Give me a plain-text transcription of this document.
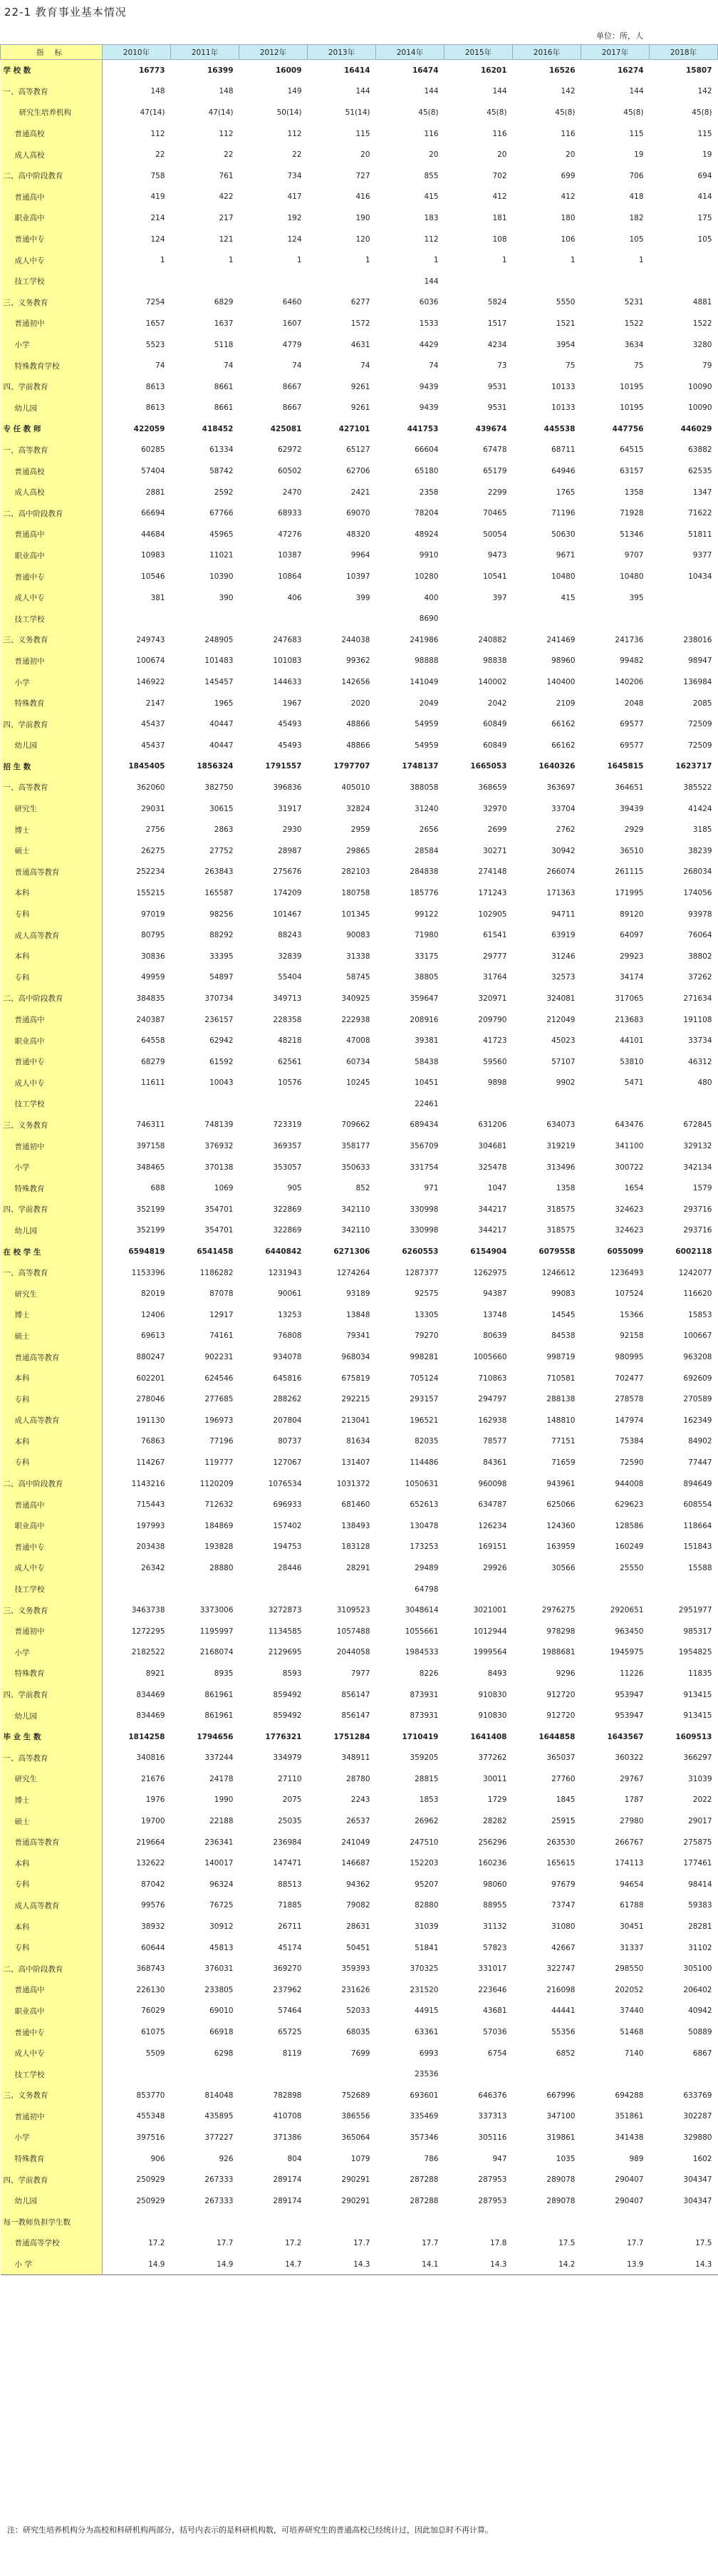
22-1 教育事业基本情况
单位：所，人
指 标	2010年	2011年	2012年	2013年	2014年	2015年	2016年	2017年	2018年
学 校 数	16773	16399	16009	16414	16474	16201	16526	16274	15807
一、高等教育	148	148	149	144	144	144	142	144	142
研究生培养机构	47(14)	47(14)	50(14)	51(14)	45(8)	45(8)	45(8)	45(8)	45(8)
普通高校	112	112	112	115	116	116	116	115	115
成人高校	22	22	22	20	20	20	20	19	19
二、高中阶段教育	758	761	734	727	855	702	699	706	694
普通高中	419	422	417	416	415	412	412	418	414
职业高中	214	217	192	190	183	181	180	182	175
普通中专	124	121	124	120	112	108	106	105	105
成人中专	1	1	1	1	1	1	1	1	
技工学校					144				
三、义务教育	7254	6829	6460	6277	6036	5824	5550	5231	4881
普通初中	1657	1637	1607	1572	1533	1517	1521	1522	1522
小学	5523	5118	4779	4631	4429	4234	3954	3634	3280
特殊教育学校	74	74	74	74	74	73	75	75	79
四、学前教育	8613	8661	8667	9261	9439	9531	10133	10195	10090
幼儿园	8613	8661	8667	9261	9439	9531	10133	10195	10090
专 任 教 师	422059	418452	425081	427101	441753	439674	445538	447756	446029
一、高等教育	60285	61334	62972	65127	66604	67478	68711	64515	63882
普通高校	57404	58742	60502	62706	65180	65179	64946	63157	62535
成人高校	2881	2592	2470	2421	2358	2299	1765	1358	1347
二、高中阶段教育	66694	67766	68933	69070	78204	70465	71196	71928	71622
普通高中	44684	45965	47276	48320	48924	50054	50630	51346	51811
职业高中	10983	11021	10387	9964	9910	9473	9671	9707	9377
普通中专	10546	10390	10864	10397	10280	10541	10480	10480	10434
成人中专	381	390	406	399	400	397	415	395	
技工学校					8690				
三、义务教育	249743	248905	247683	244038	241986	240882	241469	241736	238016
普通初中	100674	101483	101083	99362	98888	98838	98960	99482	98947
小学	146922	145457	144633	142656	141049	140002	140400	140206	136984
特殊教育	2147	1965	1967	2020	2049	2042	2109	2048	2085
四、学前教育	45437	40447	45493	48866	54959	60849	66162	69577	72509
幼儿园	45437	40447	45493	48866	54959	60849	66162	69577	72509
招 生 数	1845405	1856324	1791557	1797707	1748137	1665053	1640326	1645815	1623717
一、高等教育	362060	382750	396836	405010	388058	368659	363697	364651	385522
研究生	29031	30615	31917	32824	31240	32970	33704	39439	41424
博士	2756	2863	2930	2959	2656	2699	2762	2929	3185
硕士	26275	27752	28987	29865	28584	30271	30942	36510	38239
普通高等教育	252234	263843	275676	282103	284838	274148	266074	261115	268034
本科	155215	165587	174209	180758	185776	171243	171363	171995	174056
专科	97019	98256	101467	101345	99122	102905	94711	89120	93978
成人高等教育	80795	88292	88243	90083	71980	61541	63919	64097	76064
本科	30836	33395	32839	31338	33175	29777	31246	29923	38802
专科	49959	54897	55404	58745	38805	31764	32573	34174	37262
二、高中阶段教育	384835	370734	349713	340925	359647	320971	324081	317065	271634
普通高中	240387	236157	228358	222938	208916	209790	212049	213683	191108
职业高中	64558	62942	48218	47008	39381	41723	45023	44101	33734
普通中专	68279	61592	62561	60734	58438	59560	57107	53810	46312
成人中专	11611	10043	10576	10245	10451	9898	9902	5471	480
技工学校					22461				
三、义务教育	746311	748139	723319	709662	689434	631206	634073	643476	672845
普通初中	397158	376932	369357	358177	356709	304681	319219	341100	329132
小学	348465	370138	353057	350633	331754	325478	313496	300722	342134
特殊教育	688	1069	905	852	971	1047	1358	1654	1579
四、学前教育	352199	354701	322869	342110	330998	344217	318575	324623	293716
幼儿园	352199	354701	322869	342110	330998	344217	318575	324623	293716
在 校 学 生	6594819	6541458	6440842	6271306	6260553	6154904	6079558	6055099	6002118
一、高等教育	1153396	1186282	1231943	1274264	1287377	1262975	1246612	1236493	1242077
研究生	82019	87078	90061	93189	92575	94387	99083	107524	116620
博士	12406	12917	13253	13848	13305	13748	14545	15366	15853
硕士	69613	74161	76808	79341	79270	80639	84538	92158	100667
普通高等教育	880247	902231	934078	968034	998281	1005660	998719	980995	963208
本科	602201	624546	645816	675819	705124	710863	710581	702477	692609
专科	278046	277685	288262	292215	293157	294797	288138	278578	270589
成人高等教育	191130	196973	207804	213041	196521	162938	148810	147974	162349
本科	76863	77196	80737	81634	82035	78577	77151	75384	84902
专科	114267	119777	127067	131407	114486	84361	71659	72590	77447
二、高中阶段教育	1143216	1120209	1076534	1031372	1050631	960098	943961	944008	894649
普通高中	715443	712632	696933	681460	652613	634787	625066	629623	608554
职业高中	197993	184869	157402	138493	130478	126234	124360	128586	118664
普通中专	203438	193828	194753	183128	173253	169151	163959	160249	151843
成人中专	26342	28880	28446	28291	29489	29926	30566	25550	15588
技工学校					64798				
三、义务教育	3463738	3373006	3272873	3109523	3048614	3021001	2976275	2920651	2951977
普通初中	1272295	1195997	1134585	1057488	1055661	1012944	978298	963450	985317
小学	2182522	2168074	2129695	2044058	1984533	1999564	1988681	1945975	1954825
特殊教育	8921	8935	8593	7977	8226	8493	9296	11226	11835
四、学前教育	834469	861961	859492	856147	873931	910830	912720	953947	913415
幼儿园	834469	861961	859492	856147	873931	910830	912720	953947	913415
毕 业 生 数	1814258	1794656	1776321	1751284	1710419	1641408	1644858	1643567	1609513
一、高等教育	340816	337244	334979	348911	359205	377262	365037	360322	366297
研究生	21676	24178	27110	28780	28815	30011	27760	29767	31039
博士	1976	1990	2075	2243	1853	1729	1845	1787	2022
硕士	19700	22188	25035	26537	26962	28282	25915	27980	29017
普通高等教育	219664	236341	236984	241049	247510	256296	263530	266767	275875
本科	132622	140017	147471	146687	152203	160236	165615	174113	177461
专科	87042	96324	88513	94362	95207	98060	97679	94654	98414
成人高等教育	99576	76725	71885	79082	82880	88955	73747	61788	59383
本科	38932	30912	26711	28631	31039	31132	31080	30451	28281
专科	60644	45813	45174	50451	51841	57823	42667	31337	31102
二、高中阶段教育	368743	376031	369270	359393	370325	331017	322747	298550	305100
普通高中	226130	233805	237962	231626	231520	223646	216098	202052	206402
职业高中	76029	69010	57464	52033	44915	43681	44441	37440	40942
普通中专	61075	66918	65725	68035	63361	57036	55356	51468	50889
成人中专	5509	6298	8119	7699	6993	6754	6852	7140	6867
技工学校					23536				
三、义务教育	853770	814048	782898	752689	693601	646376	667996	694288	633769
普通初中	455348	435895	410708	386556	335469	337313	347100	351861	302287
小学	397516	377227	371386	365064	357346	305116	319861	341438	329880
特殊教育	906	926	804	1079	786	947	1035	989	1602
四、学前教育	250929	267333	289174	290291	287288	287953	289078	290407	304347
幼儿园	250929	267333	289174	290291	287288	287953	289078	290407	304347
每一教师负担学生数									
普通高等学校	17.2	17.7	17.2	17.7	17.7	17.8	17.5	17.7	17.5
小 学	14.9	14.9	14.7	14.3	14.1	14.3	14.2	13.9	14.3
注：研究生培养机构分为高校和科研机构两部分，括号内表示的是科研机构数，可培养研究生的普通高校已经统计过，因此加总时不再计算。
